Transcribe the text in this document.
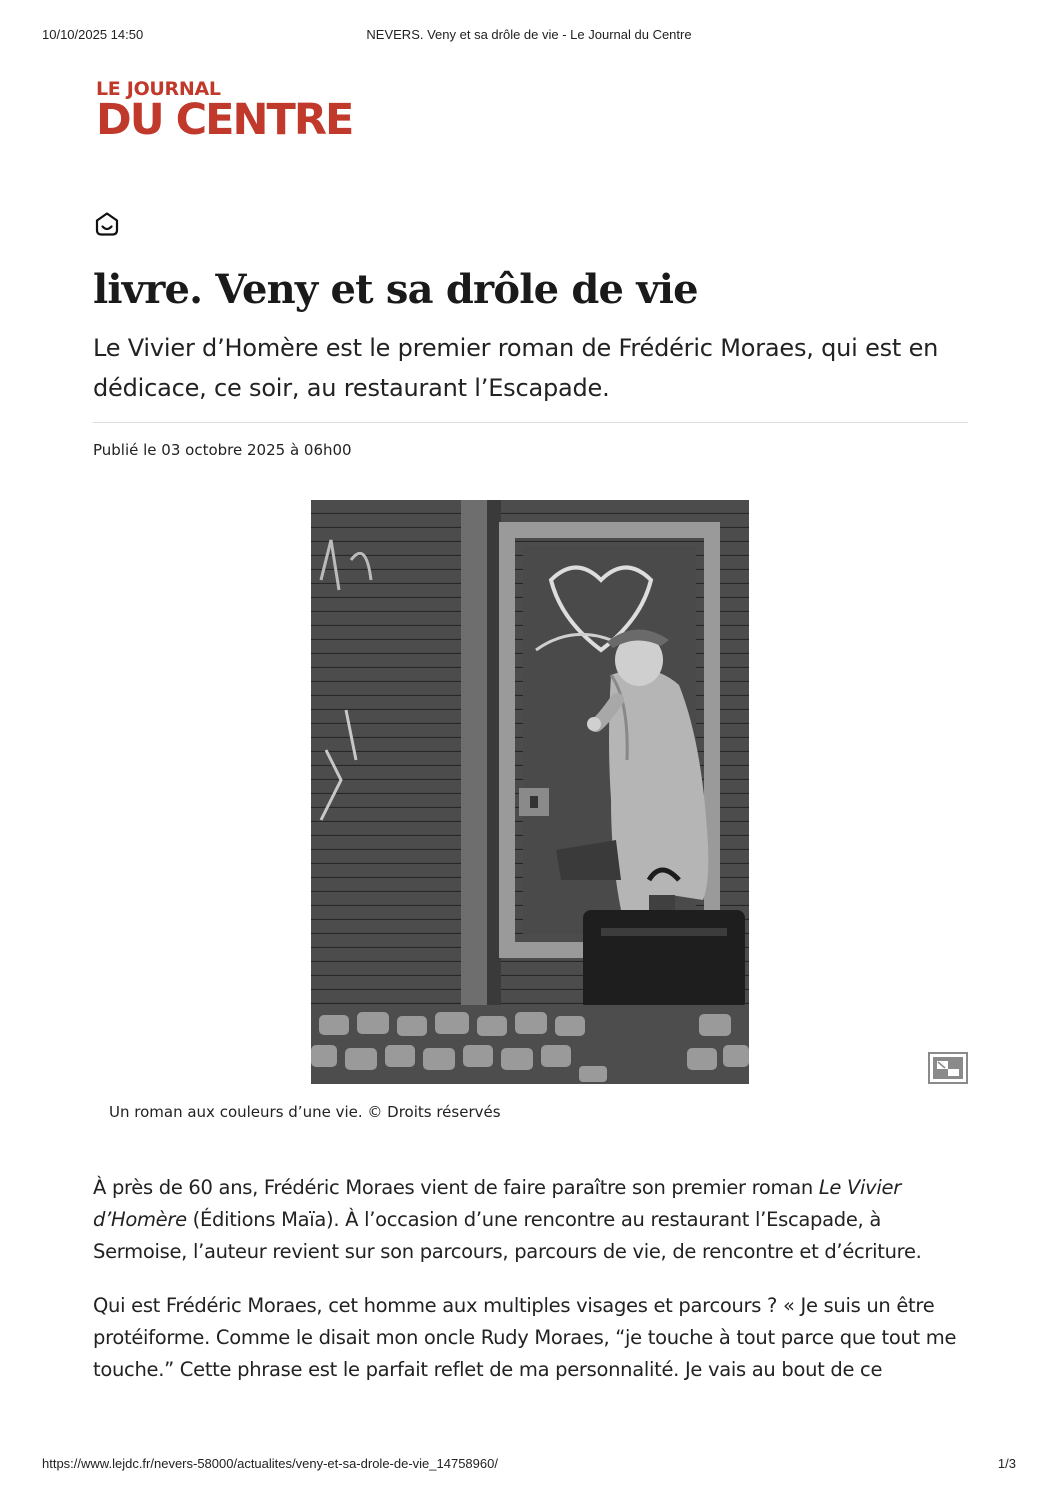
10/10/2025 14:50	NEVERS. Veny et sa drôle de vie - Le Journal du Centre
LE JOURNAL
DU CENTRE
livre. Veny et sa drôle de vie

Le Vivier d’Homère est le premier roman de Frédéric Moraes, qui est en dédicace, ce soir, au restaurant l’Escapade.

Publié le 03 octobre 2025 à 06h00
Un roman aux couleurs d’une vie. © Droits réservés

À près de 60 ans, Frédéric Moraes vient de faire paraître son premier roman Le Vivier d’Homère (Éditions Maïa). À l’occasion d’une rencontre au restaurant l’Escapade, à Sermoise, l’auteur revient sur son parcours, parcours de vie, de rencontre et d’écriture.

Qui est Frédéric Moraes, cet homme aux multiples visages et parcours ? « Je suis un être protéiforme. Comme le disait mon oncle Rudy Moraes, “je touche à tout parce que tout me touche.” Cette phrase est le parfait reflet de ma personnalité. Je vais au bout de ce

https://www.lejdc.fr/nevers-58000/actualites/veny-et-sa-drole-de-vie_14758960/	1/3
